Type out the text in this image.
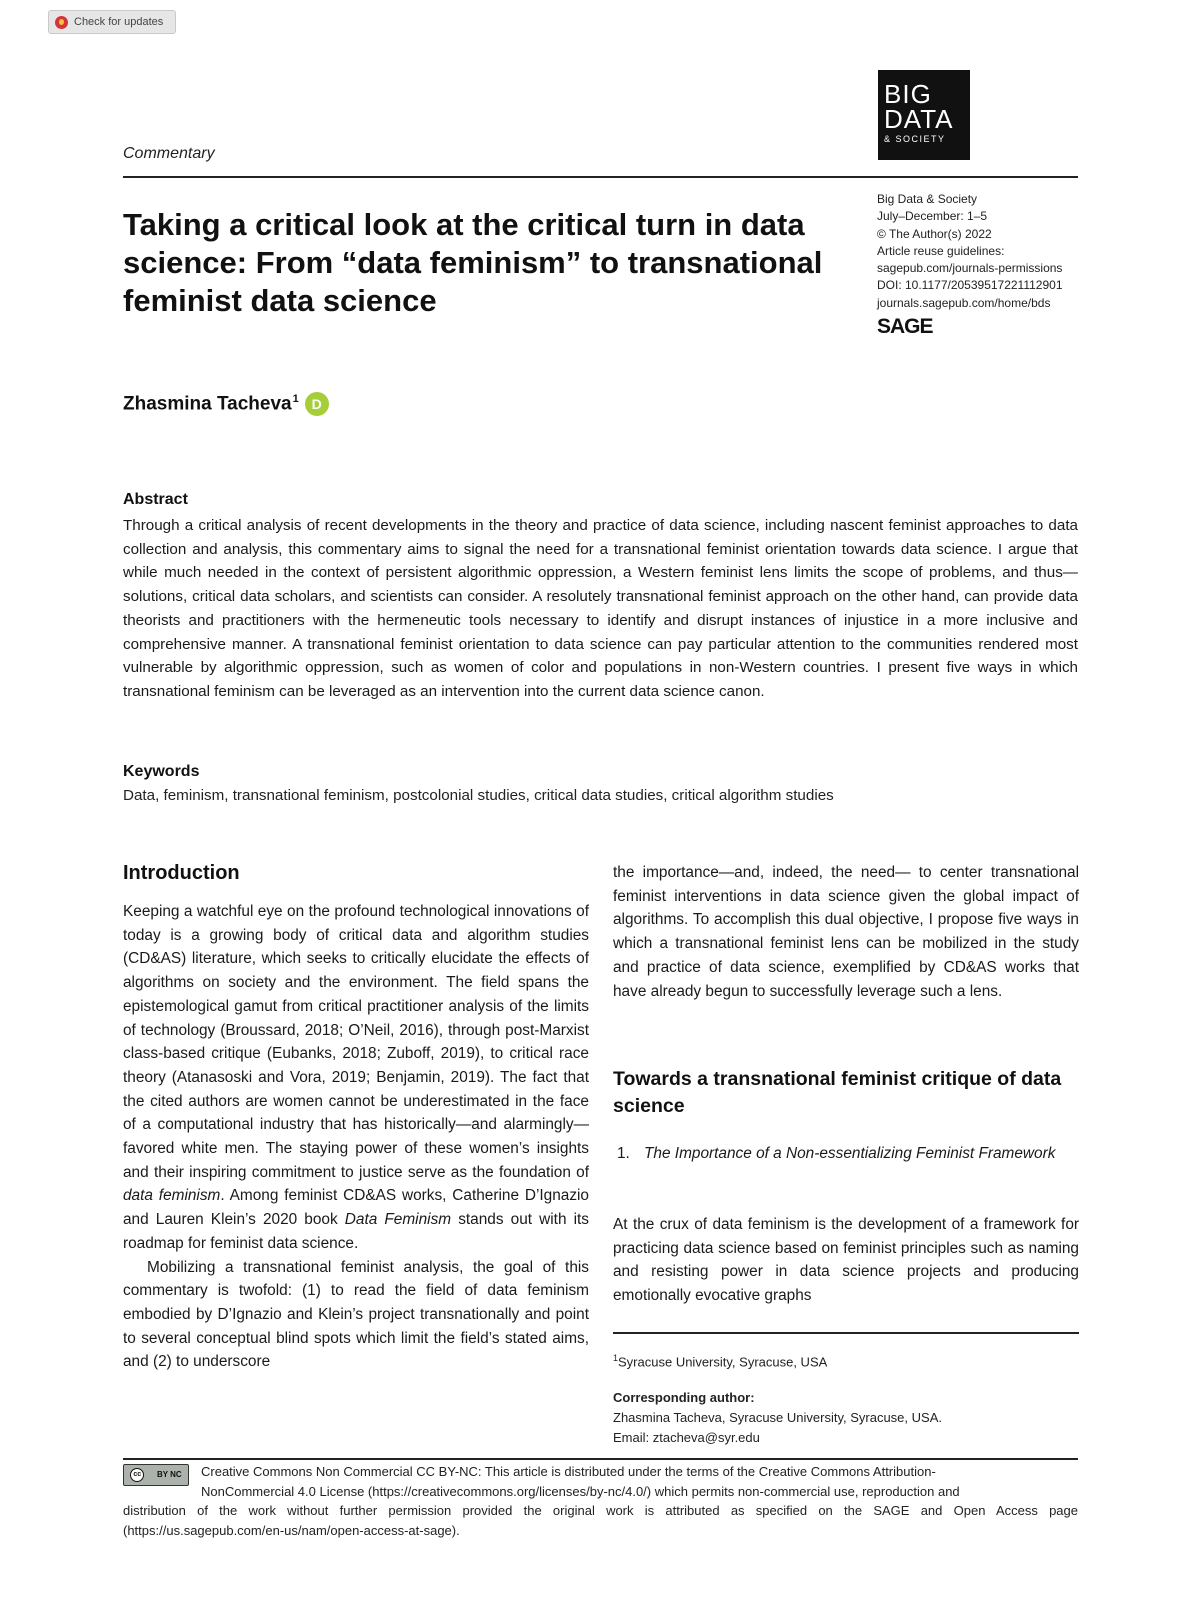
Check for updates
Commentary
BIG
DATA
& SOCIETY
Big Data & Society
July–December: 1–5
© The Author(s) 2022
Article reuse guidelines:
sagepub.com/journals-permissions
DOI: 10.1177/20539517221112901
journals.sagepub.com/home/bds
SAGE
Taking a critical look at the critical turn in data science: From “data feminism” to transnational feminist data science
Zhasmina Tacheva$^1$ D
Abstract

Through a critical analysis of recent developments in the theory and practice of data science, including nascent feminist approaches to data collection and analysis, this commentary aims to signal the need for a transnational feminist orientation towards data science. I argue that while much needed in the context of persistent algorithmic oppression, a Western feminist lens limits the scope of problems, and thus—solutions, critical data scholars, and scientists can consider. A resolutely transnational feminist approach on the other hand, can provide data theorists and practitioners with the hermeneutic tools necessary to identify and disrupt instances of injustice in a more inclusive and comprehensive manner. A transnational feminist orientation to data science can pay particular attention to the communities rendered most vulnerable by algorithmic oppression, such as women of color and populations in non-Western countries. I present five ways in which transnational feminism can be leveraged as an intervention into the current data science canon.

Keywords
Data, feminism, transnational feminism, postcolonial studies, critical data studies, critical algorithm studies
Introduction

Keeping a watchful eye on the profound technological innovations of today is a growing body of critical data and algorithm studies (CD&AS) literature, which seeks to critically elucidate the effects of algorithms on society and the environment. The field spans the epistemological gamut from critical practitioner analysis of the limits of technology (Broussard, 2018; O’Neil, 2016), through post-Marxist class-based critique (Eubanks, 2018; Zuboff, 2019), to critical race theory (Atanasoski and Vora, 2019; Benjamin, 2019). The fact that the cited authors are women cannot be underestimated in the face of a computational industry that has historically—and alarmingly—favored white men. The staying power of these women’s insights and their inspiring commitment to justice serve as the foundation of data feminism. Among feminist CD&AS works, Catherine D’Ignazio and Lauren Klein’s 2020 book Data Feminism stands out with its roadmap for feminist data science.

Mobilizing a transnational feminist analysis, the goal of this commentary is twofold: (1) to read the field of data feminism embodied by D’Ignazio and Klein’s project transnationally and point to several conceptual blind spots which limit the field’s stated aims, and (2) to underscore

the importance—and, indeed, the need— to center transnational feminist interventions in data science given the global impact of algorithms. To accomplish this dual objective, I propose five ways in which a transnational feminist lens can be mobilized in the study and practice of data science, exemplified by CD&AS works that have already begun to successfully leverage such a lens.

Towards a transnational feminist critique of data science
1. The Importance of a Non-essentializing Feminist Framework

At the crux of data feminism is the development of a framework for practicing data science based on feminist principles such as naming and resisting power in data science projects and producing emotionally evocative graphs

$^1$Syracuse University, Syracuse, USA
Corresponding author:
Zhasmina Tacheva, Syracuse University, Syracuse, USA.
Email: ztacheva@syr.edu
cc	BY NC Creative Commons Non Commercial CC BY-NC: This article is distributed under the terms of the Creative Commons Attribution-
NonCommercial 4.0 License (https://creativecommons.org/licenses/by-nc/4.0/) which permits non-commercial use, reproduction and
distribution of the work without further permission provided the original work is attributed as specified on the SAGE and Open Access page (https://us.sagepub.com/en-us/nam/open-access-at-sage).
